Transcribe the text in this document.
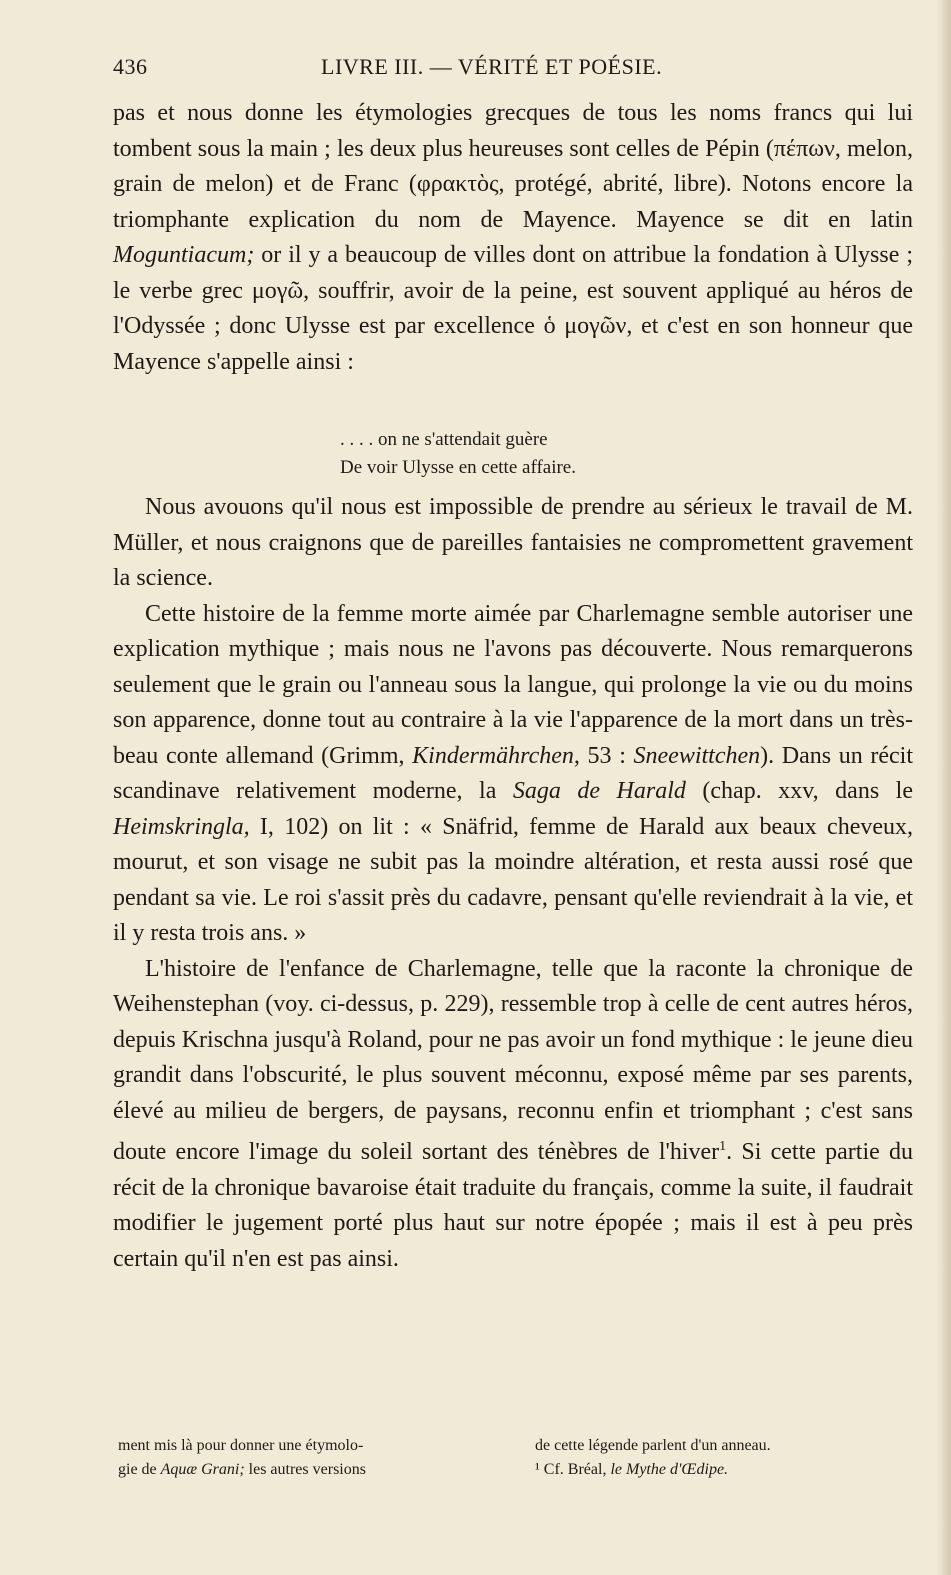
436	LIVRE III. — VÉRITÉ ET POÉSIE.

pas et nous donne les étymologies grecques de tous les noms francs qui lui tombent sous la main ; les deux plus heureuses sont celles de Pépin (πέπων, melon, grain de melon) et de Franc (φρακτὸς, protégé, abrité, libre). Notons encore la triomphante explication du nom de Mayence. Mayence se dit en latin Moguntiacum; or il y a beaucoup de villes dont on attribue la fondation à Ulysse ; le verbe grec μογῶ, souffrir, avoir de la peine, est souvent appliqué au héros de l'Odyssée ; donc Ulysse est par excellence ὁ μογῶν, et c'est en son honneur que Mayence s'appelle ainsi :

. . . . on ne s'attendait guère
De voir Ulysse en cette affaire.

Nous avouons qu'il nous est impossible de prendre au sérieux le travail de M. Müller, et nous craignons que de pareilles fantaisies ne compromettent gravement la science.

Cette histoire de la femme morte aimée par Charlemagne semble autoriser une explication mythique ; mais nous ne l'avons pas découverte. Nous remarquerons seulement que le grain ou l'anneau sous la langue, qui prolonge la vie ou du moins son apparence, donne tout au contraire à la vie l'apparence de la mort dans un très-beau conte allemand (Grimm, Kindermährchen, 53 : Sneewittchen). Dans un récit scandinave relativement moderne, la Saga de Harald (chap. xxv, dans le Heimskringla, I, 102) on lit : « Snäfrid, femme de Harald aux beaux cheveux, mourut, et son visage ne subit pas la moindre altération, et resta aussi rosé que pendant sa vie. Le roi s'assit près du cadavre, pensant qu'elle reviendrait à la vie, et il y resta trois ans. »

L'histoire de l'enfance de Charlemagne, telle que la raconte la chronique de Weihenstephan (voy. ci-dessus, p. 229), ressemble trop à celle de cent autres héros, depuis Krischna jusqu'à Roland, pour ne pas avoir un fond mythique : le jeune dieu grandit dans l'obscurité, le plus souvent méconnu, exposé même par ses parents, élevé au milieu de bergers, de paysans, reconnu enfin et triomphant ; c'est sans doute encore l'image du soleil sortant des ténèbres de l'hiver$^1$. Si cette partie du récit de la chronique bavaroise était traduite du français, comme la suite, il faudrait modifier le jugement porté plus haut sur notre épopée ; mais il est à peu près certain qu'il n'en est pas ainsi.

ment mis là pour donner une étymolo-
gie de Aquæ Grani; les autres versions
de cette légende parlent d'un anneau.
¹ Cf. Bréal, le Mythe d'Œdipe.
